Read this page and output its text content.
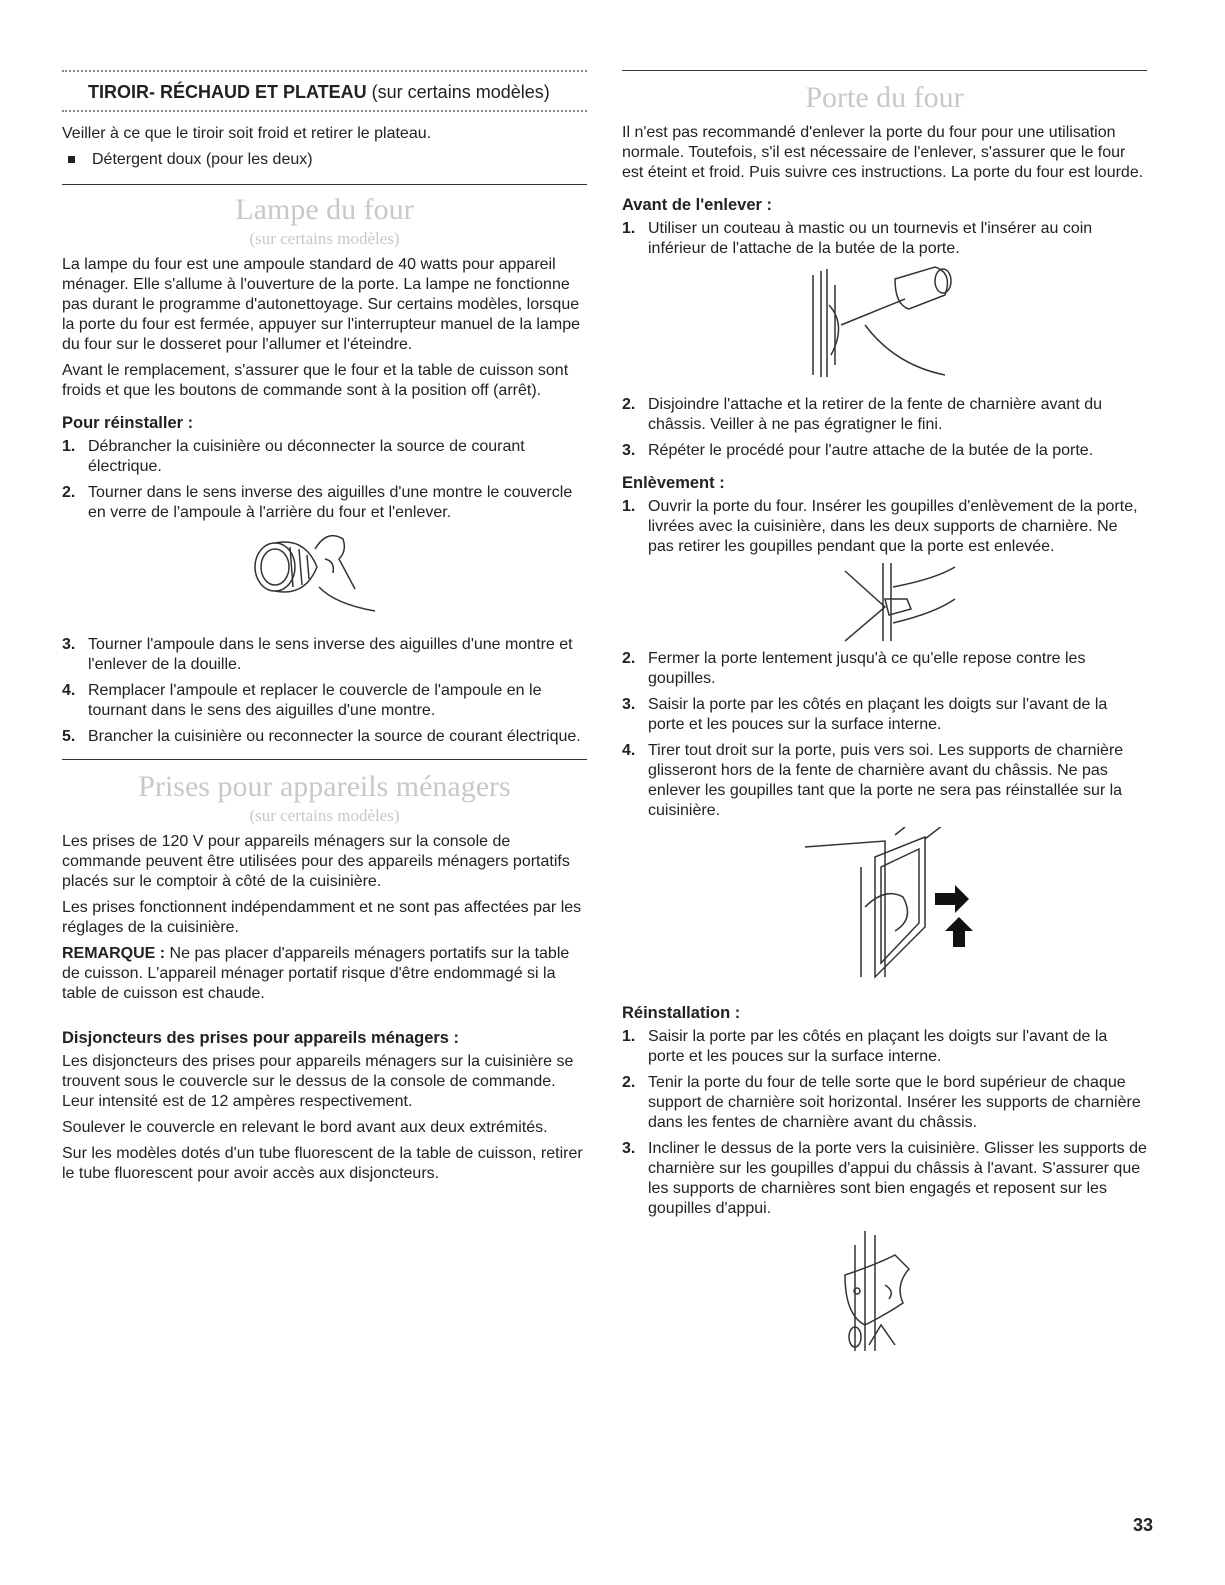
TIROIR- RÉCHAUD ET PLATEAU (sur certains modèles)

Veiller à ce que le tiroir soit froid et retirer le plateau.

Détergent doux (pour les deux)

Lampe du four
(sur certains modèles)

La lampe du four est une ampoule standard de 40 watts pour appareil ménager. Elle s'allume à l'ouverture de la porte. La lampe ne fonctionne pas durant le programme d'autonettoyage. Sur certains modèles, lorsque la porte du four est fermée, appuyer sur l'interrupteur manuel de la lampe du four sur le dosseret pour l'allumer et l'éteindre.

Avant le remplacement, s'assurer que le four et la table de cuisson sont froids et que les boutons de commande sont à la position off (arrêt).

Pour réinstaller :
1. Débrancher la cuisinière ou déconnecter la source de courant électrique.
2. Tourner dans le sens inverse des aiguilles d'une montre le couvercle en verre de l'ampoule à l'arrière du four et l'enlever.
3. Tourner l'ampoule dans le sens inverse des aiguilles d'une montre et l'enlever de la douille.
4. Remplacer l'ampoule et replacer le couvercle de l'ampoule en le tournant dans le sens des aiguilles d'une montre.
5. Brancher la cuisinière ou reconnecter la source de courant électrique.
Prises pour appareils ménagers
(sur certains modèles)

Les prises de 120 V pour appareils ménagers sur la console de commande peuvent être utilisées pour des appareils ménagers portatifs placés sur le comptoir à côté de la cuisinière.

Les prises fonctionnent indépendamment et ne sont pas affectées par les réglages de la cuisinière.

REMARQUE : Ne pas placer d'appareils ménagers portatifs sur la table de cuisson. L'appareil ménager portatif risque d'être endommagé si la table de cuisson est chaude.

Disjoncteurs des prises pour appareils ménagers :

Les disjoncteurs des prises pour appareils ménagers sur la cuisinière se trouvent sous le couvercle sur le dessus de la console de commande. Leur intensité est de 12 ampères respectivement.

Soulever le couvercle en relevant le bord avant aux deux extrémités.

Sur les modèles dotés d'un tube fluorescent de la table de cuisson, retirer le tube fluorescent pour avoir accès aux disjoncteurs.

Porte du four

Il n'est pas recommandé d'enlever la porte du four pour une utilisation normale. Toutefois, s'il est nécessaire de l'enlever, s'assurer que le four est éteint et froid. Puis suivre ces instructions. La porte du four est lourde.

Avant de l'enlever :
1. Utiliser un couteau à mastic ou un tournevis et l'insérer au coin inférieur de l'attache de la butée de la porte.
2. Disjoindre l'attache et la retirer de la fente de charnière avant du châssis. Veiller à ne pas égratigner le fini.
3. Répéter le procédé pour l'autre attache de la butée de la porte.
Enlèvement :
1. Ouvrir la porte du four. Insérer les goupilles d'enlèvement de la porte, livrées avec la cuisinière, dans les deux supports de charnière. Ne pas retirer les goupilles pendant que la porte est enlevée.
2. Fermer la porte lentement jusqu'à ce qu'elle repose contre les goupilles.
3. Saisir la porte par les côtés en plaçant les doigts sur l'avant de la porte et les pouces sur la surface interne.
4. Tirer tout droit sur la porte, puis vers soi. Les supports de charnière glisseront hors de la fente de charnière avant du châssis. Ne pas enlever les goupilles tant que la porte ne sera pas réinstallée sur la cuisinière.
Réinstallation :
1. Saisir la porte par les côtés en plaçant les doigts sur l'avant de la porte et les pouces sur la surface interne.
2. Tenir la porte du four de telle sorte que le bord supérieur de chaque support de charnière soit horizontal. Insérer les supports de charnière dans les fentes de charnière avant du châssis.
3. Incliner le dessus de la porte vers la cuisinière. Glisser les supports de charnière sur les goupilles d'appui du châssis à l'avant. S'assurer que les supports de charnières sont bien engagés et reposent sur les goupilles d'appui.
33
